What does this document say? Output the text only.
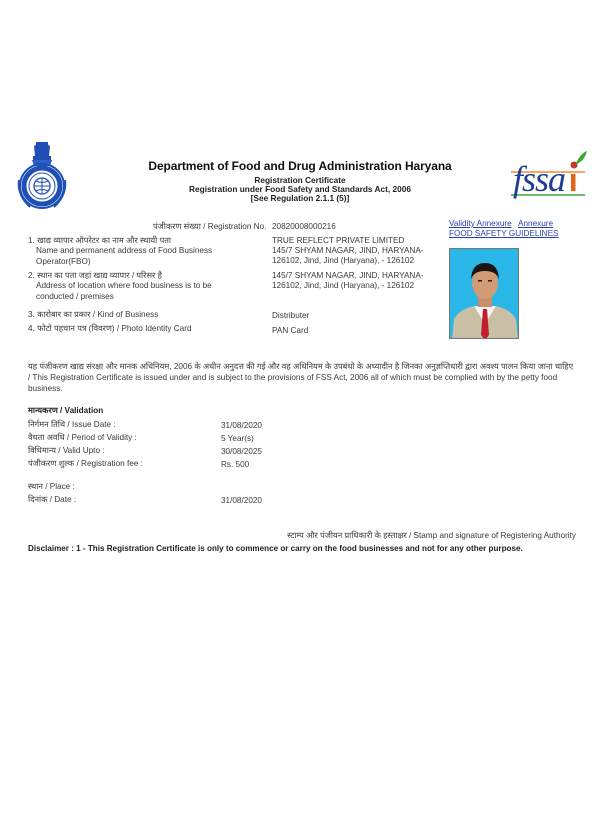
Department of Food and Drug Administration Haryana
Registration Certificate
Registration under Food Safety and Standards Act, 2006
[See Regulation 2.1.1 (5)]	fssa
पंजीकरण संख्या / Registration No. 20820008000216	Validity Annexure Annexure
FOOD SAFETY GUIDELINES
1. खाद्य व्यापार ऑपरेटर का नाम और स्थायी पता
Name and permanent address of Food Business Operator(FBO)
TRUE REFLECT PRIVATE LIMITED
145/7 SHYAM NAGAR, JIND, HARYANA-
126102, Jind, Jind (Haryana), - 126102
2. स्थान का पता जहां खाद्य व्यापार / परिसर है
Address of location where food business is to be conducted / premises
145/7 SHYAM NAGAR, JIND, HARYANA-
126102, Jind, Jind (Haryana), - 126102
3. कारोबार का प्रकार / Kind of Business	Distributer
4. फोटो पहचान पत्र (विवरण) / Photo Identity Card	PAN Card
यह पंजीकरण खाद्य संरक्षा और मानक अधिनियम, 2006 के अधीन अनुदत्त की गई और वह अधिनियम के उपबंधो के अध्यादीन है जिनका अनुज्ञप्तिधारी द्वारा अवश्य पालन किया जाना चाहिए
/ This Registration Certificate is issued under and is subject to the provisions of FSS Act, 2006 all of which must be complied with by the petty food business.
मान्यकरण / Validation
निर्गमन तिथि / Issue Date :	31/08/2020
वैधता अवधि / Period of Validity :	5 Year(s)
विधिमान्य / Valid Upto :	30/08/2025
पंजीकरण शुल्क / Registration fee :	Rs. 500
स्थान / Place :
दिनांक / Date :	31/08/2020
स्टाम्प और पंजीयन प्राधिकारी के हस्ताक्षर / Stamp and signature of Registering Authority
Disclaimer : 1 - This Registration Certificate is only to commence or carry on the food businesses and not for any other purpose.
